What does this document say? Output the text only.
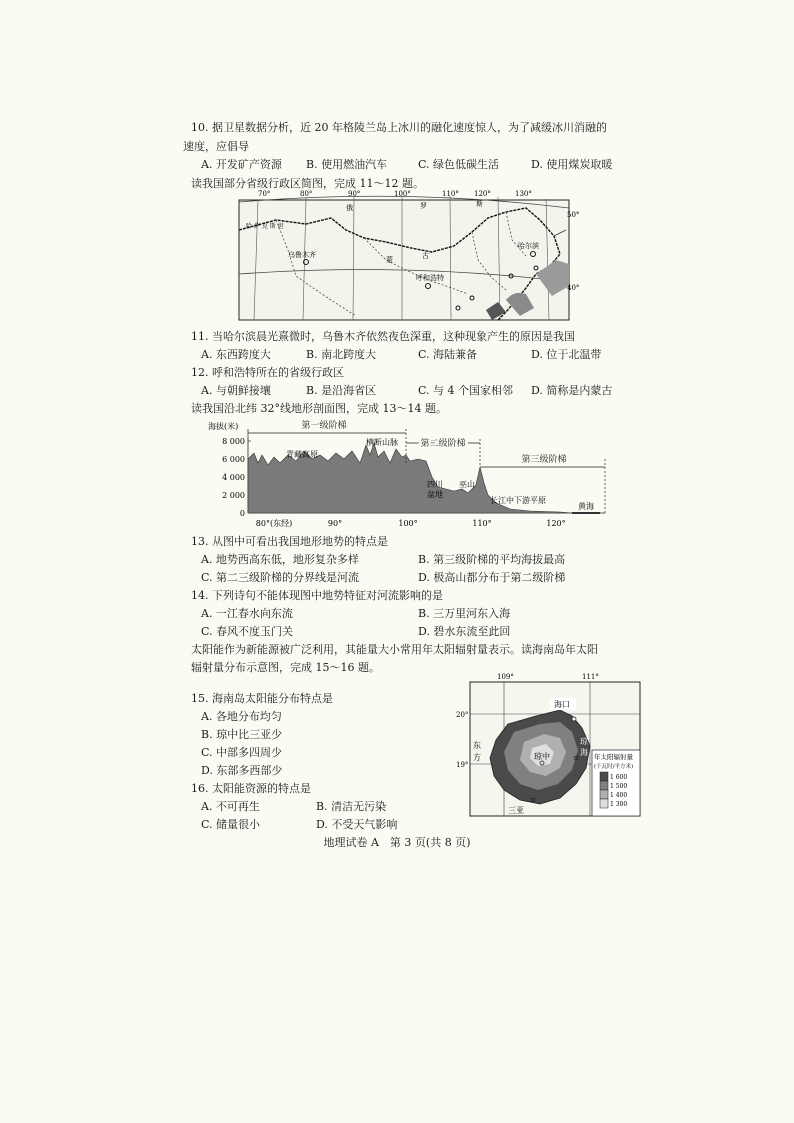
10. 据卫星数据分析，近 20 年格陵兰岛上冰川的融化速度惊人，为了减缓冰川消融的
速度，应倡导
A. 开发矿产资源 B. 使用燃油汽车	C. 绿色低碳生活	D. 使用煤炭取暖
读我国部分省级行政区简图，完成 11～12 题。
70°	80°	90°	100°	110° 120°	130°
50°
40°
哈 萨 克 斯 坦
俄	罗	斯
蒙	古
乌鲁木齐
呼和浩特
哈尔滨
11. 当哈尔滨晨光熹微时，乌鲁木齐依然夜色深重，这种现象产生的原因是我国
A. 东西跨度大	B. 南北跨度大	C. 海陆兼备	D. 位于北温带
12. 呼和浩特所在的省级行政区
A. 与朝鲜接壤	B. 是沿海省区	C. 与 4 个国家相邻 D. 简称是内蒙古
读我国沿北纬 32°线地形剖面图，完成 13～14 题。
海拔(米)
8 000
6 000
4 000
2 000
0
第一级阶梯
第二级阶梯
第三级阶梯
青藏高原
横断山脉
四川
盆地
巫山
长江中下游平原
黄海
80°(东经)	90°	100°	110°	120°
13. 从图中可看出我国地形地势的特点是
A. 地势西高东低，地形复杂多样	B. 第三级阶梯的平均海拔最高
C. 第二三级阶梯的分界线是河流	D. 极高山都分布于第二级阶梯
14. 下列诗句不能体现图中地势特征对河流影响的是
A. 一江春水向东流	B. 三万里河东入海
C. 春风不度玉门关	D. 碧水东流至此回
太阳能作为新能源被广泛利用，其能量大小常用年太阳辐射量表示。读海南岛年太阳
辐射量分布示意图，完成 15～16 题。
15. 海南岛太阳能分布特点是
A. 各地分布均匀
B. 琼中比三亚少
C. 中部多四周少
D. 东部多西部少
16. 太阳能资源的特点是
A. 不可再生	B. 清洁无污染
C. 储量很小	D. 不受天气影响
109°	111°
20°
19°
海口
东
方	琼中
琼
海
三亚
年太阳辐射量
(千瓦时/平方米)
1 600
1 500
1 400
1 300
地理试卷 A　第 3 页(共 8 页)
